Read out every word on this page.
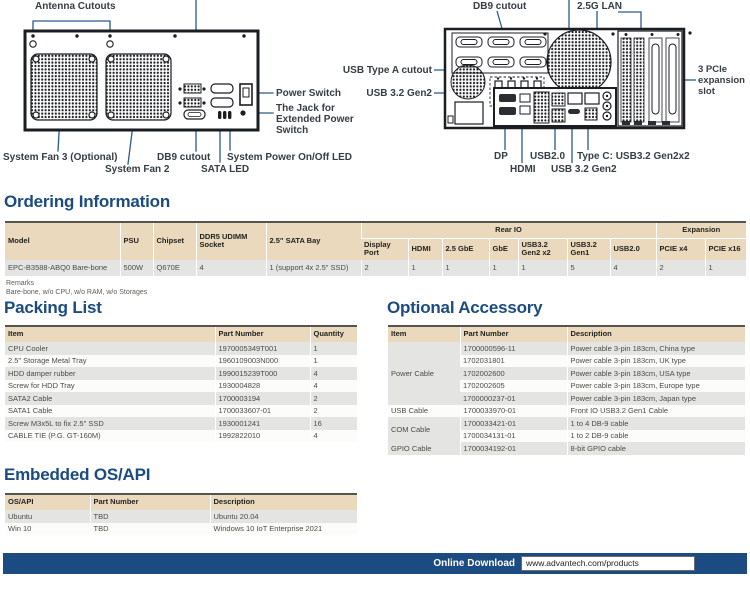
Antenna Cutouts
Power Switch
The Jack for
Extended Power
Switch
System Fan 3 (Optional)
System Fan 2
DB9 cutout
SATA LED
System Power On/Off LED
DB9 cutout	2.5G LAN
USB Type A cutout
USB 3.2 Gen2
3 PCIe
expansion
slot
DP
HDMI
USB2.0
USB 3.2 Gen2
Type C: USB3.2 Gen2x2
Ordering Information
Model	PSU	Chipset	DDR5 UDIMM Socket	2.5" SATA Bay	Rear IO							Expansion	
					Display Port	HDMI	2.5 GbE	GbE	USB3.2 Gen2 x2	USB3.2 Gen1	USB2.0	PCIE x4	PCIE x16
EPC-B3588-ABQ0 Bare-bone	500W	Q670E	4	1 (support 4x 2.5" SSD)	2	1	1	1	1	5	4	2	1
Remarks
Bare-bone, w/o CPU, w/o RAM, w/o Storages
Packing List
Item	Part Number	Quantity
CPU Cooler	1970005349T001	1
2.5" Storage Metal Tray	1960109003N000	1
HDD damper rubber	1990015239T000	4
Screw for HDD Tray	1930004828	4
SATA2 Cable	1700003194	2
SATA1 Cable	1700033607-01	2
Screw M3x5L to fix 2.5" SSD	1930001241	16
CABLE TIE (P.G. GT-160M)	1992822010	4
Optional Accessory
Item	Part Number	Description
Power Cable	1700000596-11	Power cable 3-pin 183cm, China type
	1702031801	Power cable 3-pin 183cm, UK type
	1702002600	Power cable 3-pin 183cm, USA type
	1702002605	Power cable 3-pin 183cm, Europe type
	1700000237-01	Power cable 3-pin 183cm, Japan type
USB Cable	1700033970-01	Front IO USB3.2 Gen1 Cable
COM Cable	1700033421-01	1 to 4 DB-9 cable
	1700034131-01	1 to 2 DB-9 cable
GPIO Cable	1700034192-01	8-bit GPIO cable
Embedded OS/API
OS/API	Part Number	Description
Ubuntu	TBD	Ubuntu 20.04
Win 10	TBD	Windows 10 IoT Enterprise 2021
Online Download	www.advantech.com/products
